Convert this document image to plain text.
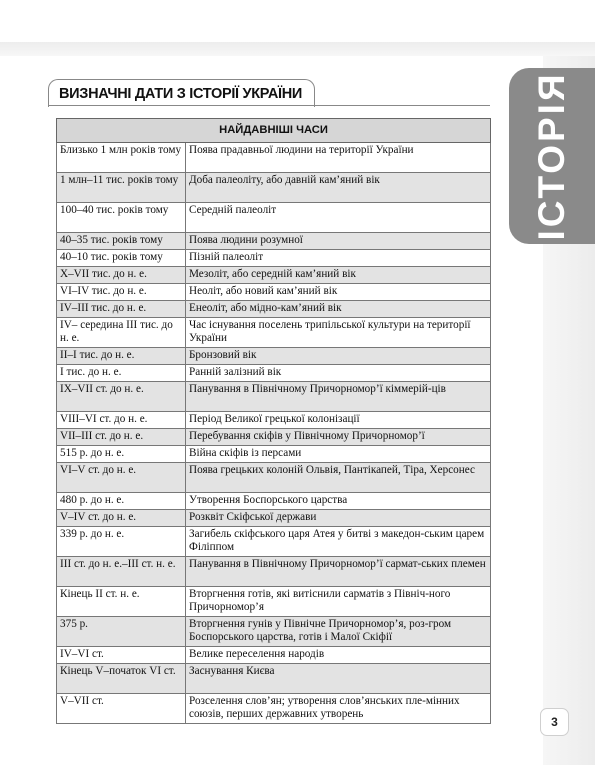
ІСТОРІЯ
ВИЗНАЧНІ ДАТИ З ІСТОРІЇ УКРАЇНИ
НАЙДАВНІШІ ЧАСИ	
Близько 1 млн років тому	Поява прадавньої людини на території України
1 млн–11 тис. років тому	Доба палеоліту, або давній кам’яний вік
100–40 тис. років тому	Середній палеоліт
40–35 тис. років тому	Поява людини розумної
40–10 тис. років тому	Пізній палеоліт
X–VII тис. до н. е.	Мезоліт, або середній кам’яний вік
VI–IV тис. до н. е.	Неоліт, або новий кам’яний вік
IV–III тис. до н. е.	Енеоліт, або мідно-кам’яний вік
IV– середина III тис. до н. е.	Час існування поселень трипільської культури на території України
II–I тис. до н. е.	Бронзовий вік
I тис. до н. е.	Ранній залізний вік
IX–VII ст. до н. е.	Панування в Північному Причорномор’ї кіммерій-ців
VIII–VI ст. до н. е.	Період Великої грецької колонізації
VII–III ст. до н. е.	Перебування скіфів у Північному Причорномор’ї
515 р. до н. е.	Війна скіфів із персами
VI–V ст. до н. е.	Поява грецьких колоній Ольвія, Пантікапей, Тіра, Херсонес
480 р. до н. е.	Утворення Боспорського царства
V–IV ст. до н. е.	Розквіт Скіфської держави
339 р. до н. е.	Загибель скіфського царя Атея у битві з македон-ським царем Філіппом
III ст. до н. е.–III ст. н. е.	Панування в Північному Причорномор’ї сармат-ських племен
Кінець II ст. н. е.	Вторгнення готів, які витіснили сарматів з Північ-ного Причорномор’я
375 р.	Вторгнення гунів у Північне Причорномор’я, роз-гром Боспорського царства, готів і Малої Скіфії
IV–VI ст.	Велике переселення народів
Кінець V–початок VI ст.	Заснування Києва
V–VII ст.	Розселення слов’ян; утворення слов’янських пле-мінних союзів, перших державних утворень
3
